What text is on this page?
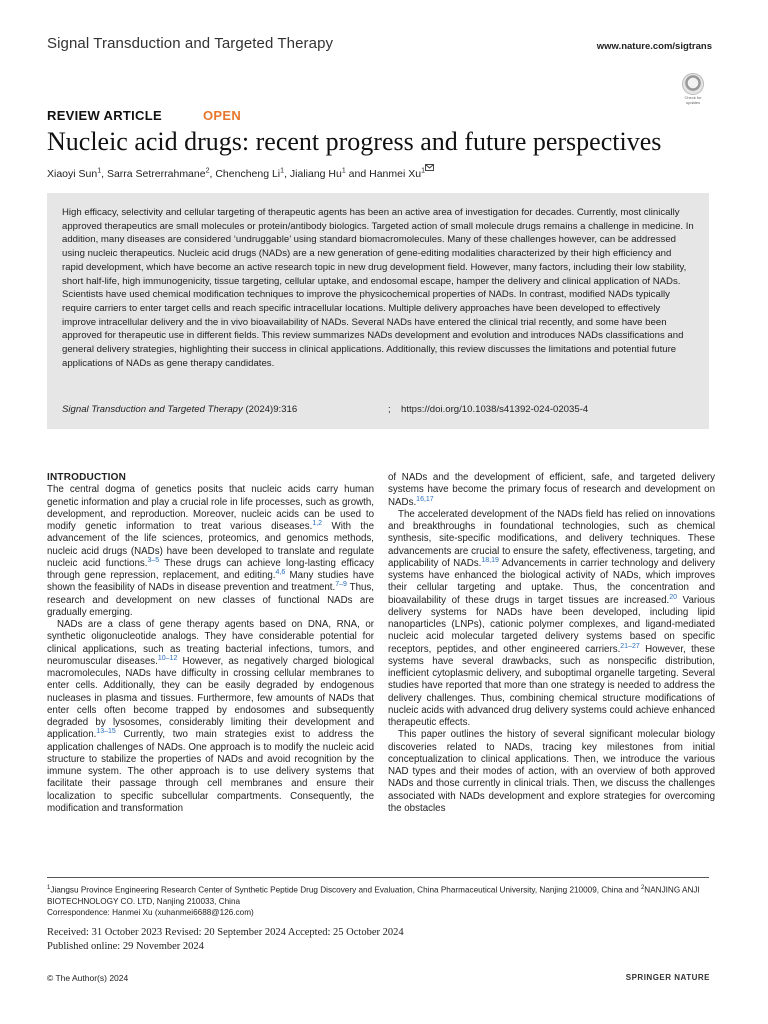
Signal Transduction and Targeted Therapy	www.nature.com/sigtrans
Check for updates
REVIEW ARTICLE	OPEN
Nucleic acid drugs: recent progress and future perspectives
Xiaoyi Sun$^1$, Sarra Setrerrahmane$^2$, Chencheng Li$^1$, Jialiang Hu$^1$ and Hanmei Xu$^1$
High efficacy, selectivity and cellular targeting of therapeutic agents has been an active area of investigation for decades. Currently, most clinically approved therapeutics are small molecules or protein/antibody biologics. Targeted action of small molecule drugs remains a challenge in medicine. In addition, many diseases are considered ‘undruggable’ using standard biomacromolecules. Many of these challenges however, can be addressed using nucleic therapeutics. Nucleic acid drugs (NADs) are a new generation of gene-editing modalities characterized by their high efficiency and rapid development, which have become an active research topic in new drug development field. However, many factors, including their low stability, short half-life, high immunogenicity, tissue targeting, cellular uptake, and endosomal escape, hamper the delivery and clinical application of NADs. Scientists have used chemical modification techniques to improve the physicochemical properties of NADs. In contrast, modified NADs typically require carriers to enter target cells and reach specific intracellular locations. Multiple delivery approaches have been developed to effectively improve intracellular delivery and the in vivo bioavailability of NADs. Several NADs have entered the clinical trial recently, and some have been approved for therapeutic use in different fields. This review summarizes NADs development and evolution and introduces NADs classifications and general delivery strategies, highlighting their success in clinical applications. Additionally, this review discusses the limitations and potential future applications of NADs as gene therapy candidates.
Signal Transduction and Targeted Therapy (2024)9:316	; https://doi.org/10.1038/s41392-024-02035-4
INTRODUCTION

The central dogma of genetics posits that nucleic acids carry human genetic information and play a crucial role in life processes, such as growth, development, and reproduction. Moreover, nucleic acids can be used to modify genetic information to treat various diseases.$^{1,2}$ With the advancement of the life sciences, proteomics, and genomics methods, nucleic acid drugs (NADs) have been developed to translate and regulate nucleic acid functions.$^{3-5}$ These drugs can achieve long-lasting efficacy through gene repression, replacement, and editing.$^{4,6}$ Many studies have shown the feasibility of NADs in disease prevention and treatment.$^{7-9}$ Thus, research and development on new classes of functional NADs are gradually emerging.

NADs are a class of gene therapy agents based on DNA, RNA, or synthetic oligonucleotide analogs. They have considerable potential for clinical applications, such as treating bacterial infections, tumors, and neuromuscular diseases.$^{10-12}$ However, as negatively charged biological macromolecules, NADs have difficulty in crossing cellular membranes to enter cells. Additionally, they can be easily degraded by endogenous nucleases in plasma and tissues. Furthermore, few amounts of NADs that enter cells often become trapped by endosomes and subsequently degraded by lysosomes, considerably limiting their development and application.$^{13-15}$ Currently, two main strategies exist to address the application challenges of NADs. One approach is to modify the nucleic acid structure to stabilize the properties of NADs and avoid recognition by the immune system. The other approach is to use delivery systems that facilitate their passage through cell membranes and ensure their localization to specific subcellular compartments. Consequently, the modification and transformation

of NADs and the development of efficient, safe, and targeted delivery systems have become the primary focus of research and development on NADs.$^{16,17}$

The accelerated development of the NADs field has relied on innovations and breakthroughs in foundational technologies, such as chemical synthesis, site-specific modifications, and delivery techniques. These advancements are crucial to ensure the safety, effectiveness, targeting, and applicability of NADs.$^{18,19}$ Advancements in carrier technology and delivery systems have enhanced the biological activity of NADs, which improves their cellular targeting and uptake. Thus, the concentration and bioavailability of these drugs in target tissues are increased.$^{20}$ Various delivery systems for NADs have been developed, including lipid nanoparticles (LNPs), cationic polymer complexes, and ligand-mediated nucleic acid molecular targeted delivery systems based on specific receptors, peptides, and other engineered carriers.$^{21-27}$ However, these systems have several drawbacks, such as nonspecific distribution, inefficient cytoplasmic delivery, and suboptimal organelle targeting. Several studies have reported that more than one strategy is needed to address the delivery challenges. Thus, combining chemical structure modifications of nucleic acids with advanced drug delivery systems could achieve enhanced therapeutic effects.

This paper outlines the history of several significant molecular biology discoveries related to NADs, tracing key milestones from initial conceptualization to clinical applications. Then, we introduce the various NAD types and their modes of action, with an overview of both approved NADs and those currently in clinical trials. Then, we discuss the challenges associated with NADs development and explore strategies for overcoming the obstacles

$^1$Jiangsu Province Engineering Research Center of Synthetic Peptide Drug Discovery and Evaluation, China Pharmaceutical University, Nanjing 210009, China and $^2$NANJING ANJI BIOTECHNOLOGY CO. LTD, Nanjing 210033, China
Correspondence: Hanmei Xu (xuhanmei6688@126.com)
Received: 31 October 2023 Revised: 20 September 2024 Accepted: 25 October 2024
Published online: 29 November 2024
© The Author(s) 2024	SPRINGER NATURE
